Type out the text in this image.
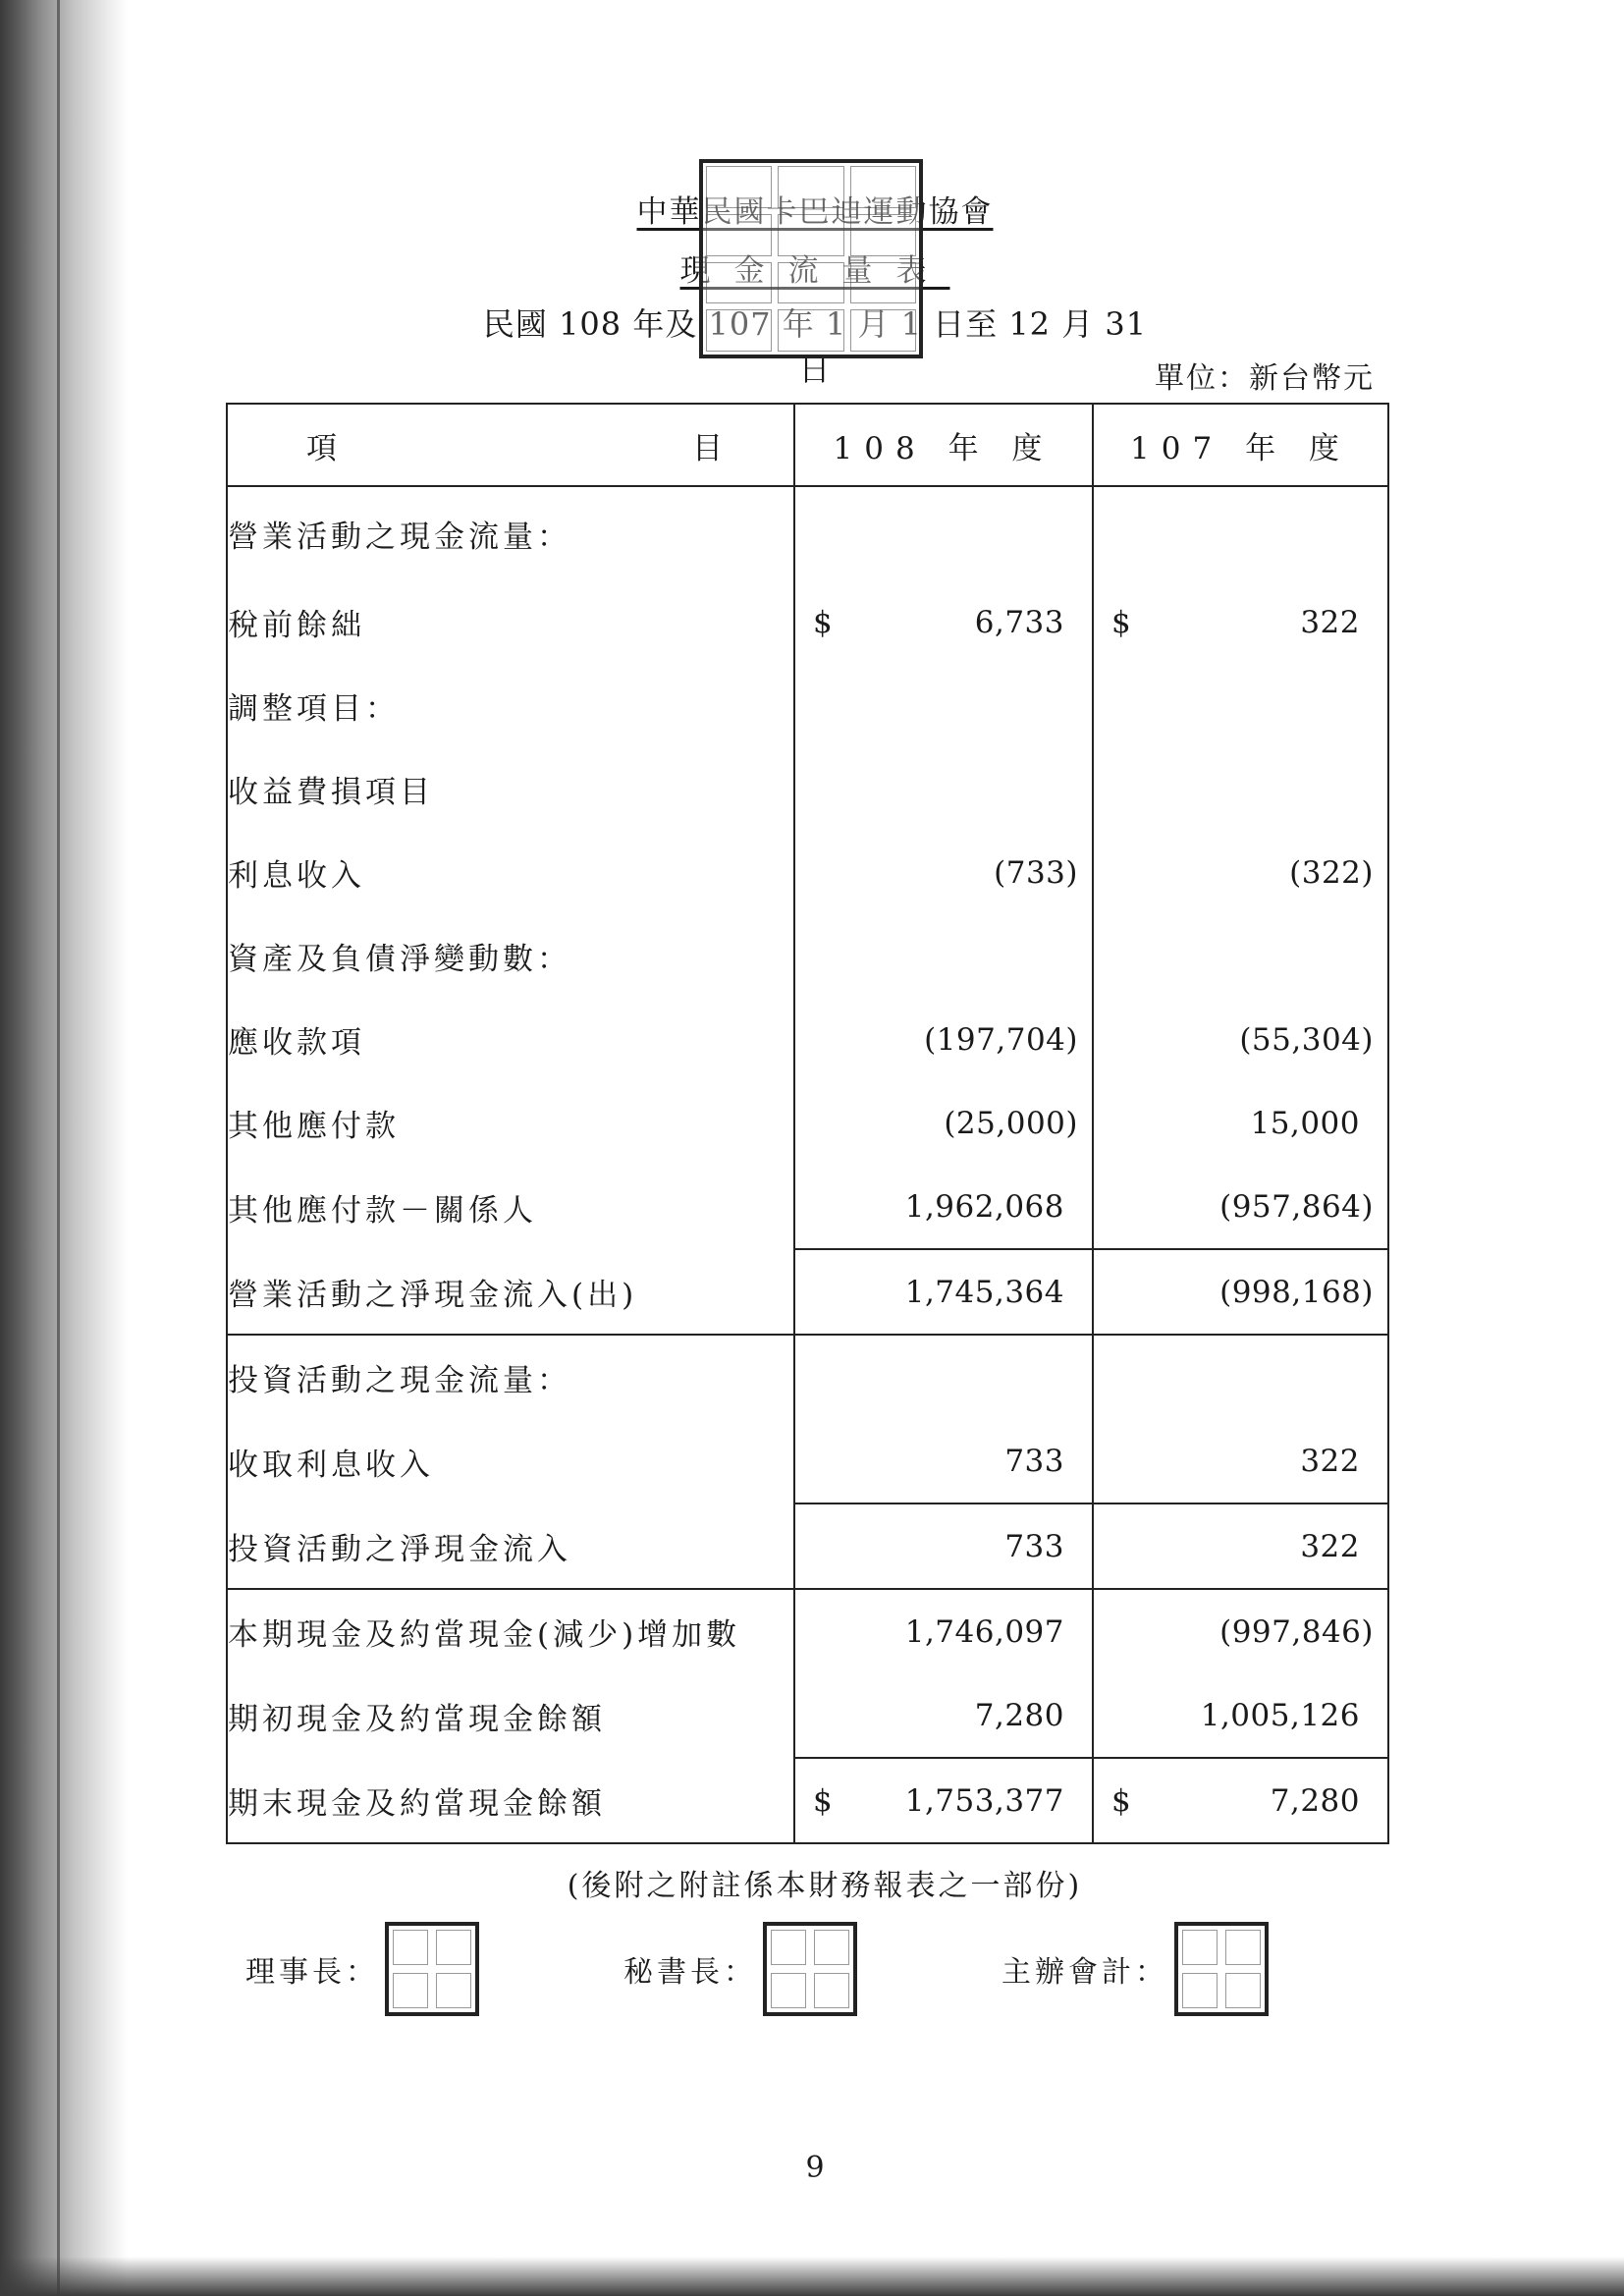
中華民國卡巴迪運動協會
現金流量表
民國 108 年及 107 年 1 月 1 日至 12 月 31 日	單位：新台幣元
項 目	108 年 度	107 年 度
營業活動之現金流量：		
稅前餘絀	$ 6,733	$ 322

調整項目：		
收益費損項目		
利息收入	(733)	(322)

資產及負債淨變動數：		
應收款項	(197,704)	(55,304)

其他應付款	(25,000)	15,000

其他應付款－關係人	1,962,068	(957,864)

營業活動之淨現金流入(出)	1,745,364	(998,168)

投資活動之現金流量：		
收取利息收入	733	322

投資活動之淨現金流入	733	322

本期現金及約當現金(減少)增加數	1,746,097	(997,846)

期初現金及約當現金餘額	7,280	1,005,126

期末現金及約當現金餘額	$ 1,753,377	$ 7,280
(後附之附註係本財務報表之一部份)
理事長：	秘書長：	主辦會計：
9
